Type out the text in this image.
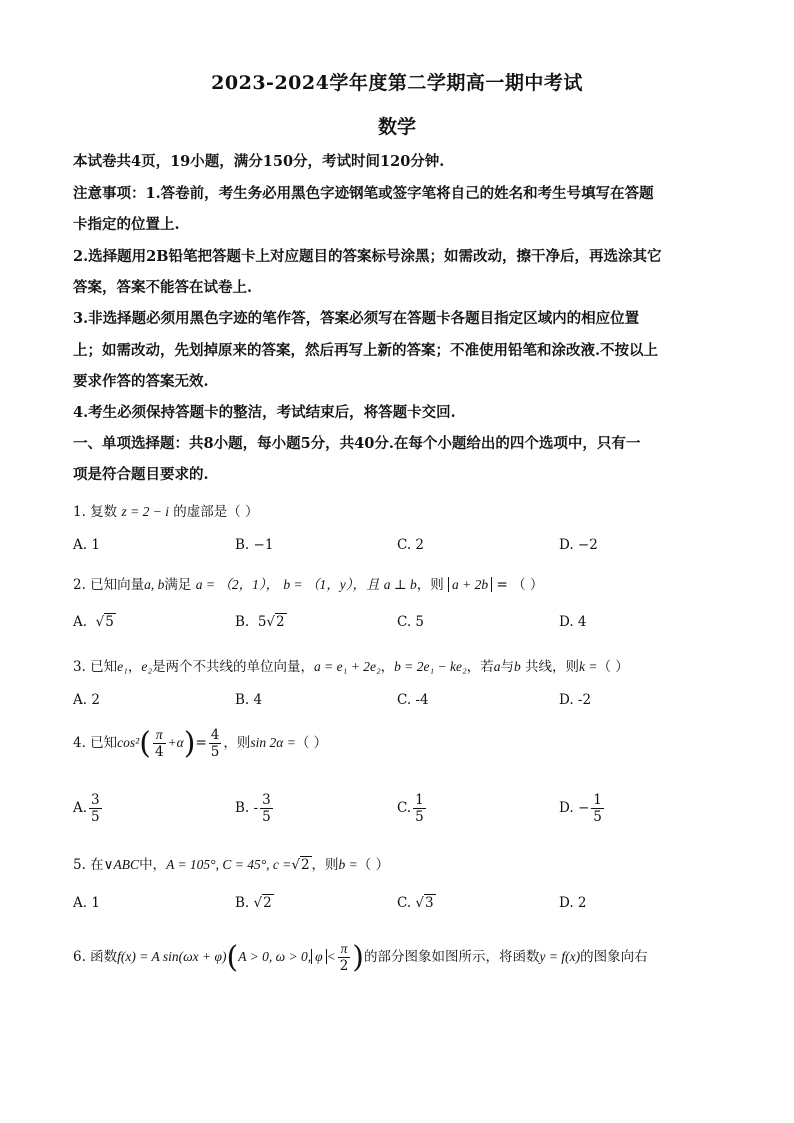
2023-2024学年度第二学期高一期中考试
数学
本试卷共4页，19小题，满分150分，考试时间120分钟.
注意事项：1.答卷前，考生务必用黑色字迹钢笔或签字笔将自己的姓名和考生号填写在答题
卡指定的位置上.
2.选择题用2B铅笔把答题卡上对应题目的答案标号涂黑；如需改动，擦干净后，再选涂其它
答案，答案不能答在试卷上.
3.非选择题必须用黑色字迹的笔作答，答案必须写在答题卡各题目指定区域内的相应位置
上；如需改动，先划掉原来的答案，然后再写上新的答案；不准使用铅笔和涂改液.不按以上
要求作答的答案无效.
4.考生必须保持答题卡的整洁，考试结束后，将答题卡交回.
一、单项选择题：共8小题，每小题5分，共40分.在每个小题给出的四个选项中，只有一
项是符合题目要求的.
1. 复数 z = 2 − i 的虚部是（ ）
A. 1	B. −1	C. 2	D. −2
2. 已知向量a, b满足 a = （2，1）， b = （1，y），且 a ⊥ b，则 a + 2b = （ ）
A.  √5	B. 5√2	C. 5	D. 4
3. 已知e₁，e₂是两个不共线的单位向量，a = e₁ + 2e₂，b = 2e₁ − ke₂，若a与b 共线，则k =（ ）
A. 2	B. 4	C. -4	D. -2
4. 已知$\cos^2( \frac{\pi}{4} +\alpha)= \frac{4}{5}$ ，则sin 2α =（ ）
A. $\frac{3}{5}$	B. - $\frac{3}{5}$	C. $\frac{1}{5}$	D. − $\frac{1}{5}$
5. 在∨ABC中，A = 105°, C = 45°, c =√2 ，则b =（ ）
A. 1	B. √2	C. √3	D. 2
6. 函数f(x) = A sin(ωx + φ)(A > 0, ω > 0, $\varphi < \frac{\pi}{2}$ )的部分图象如图所示，将函数y = f(x)的图象向右
